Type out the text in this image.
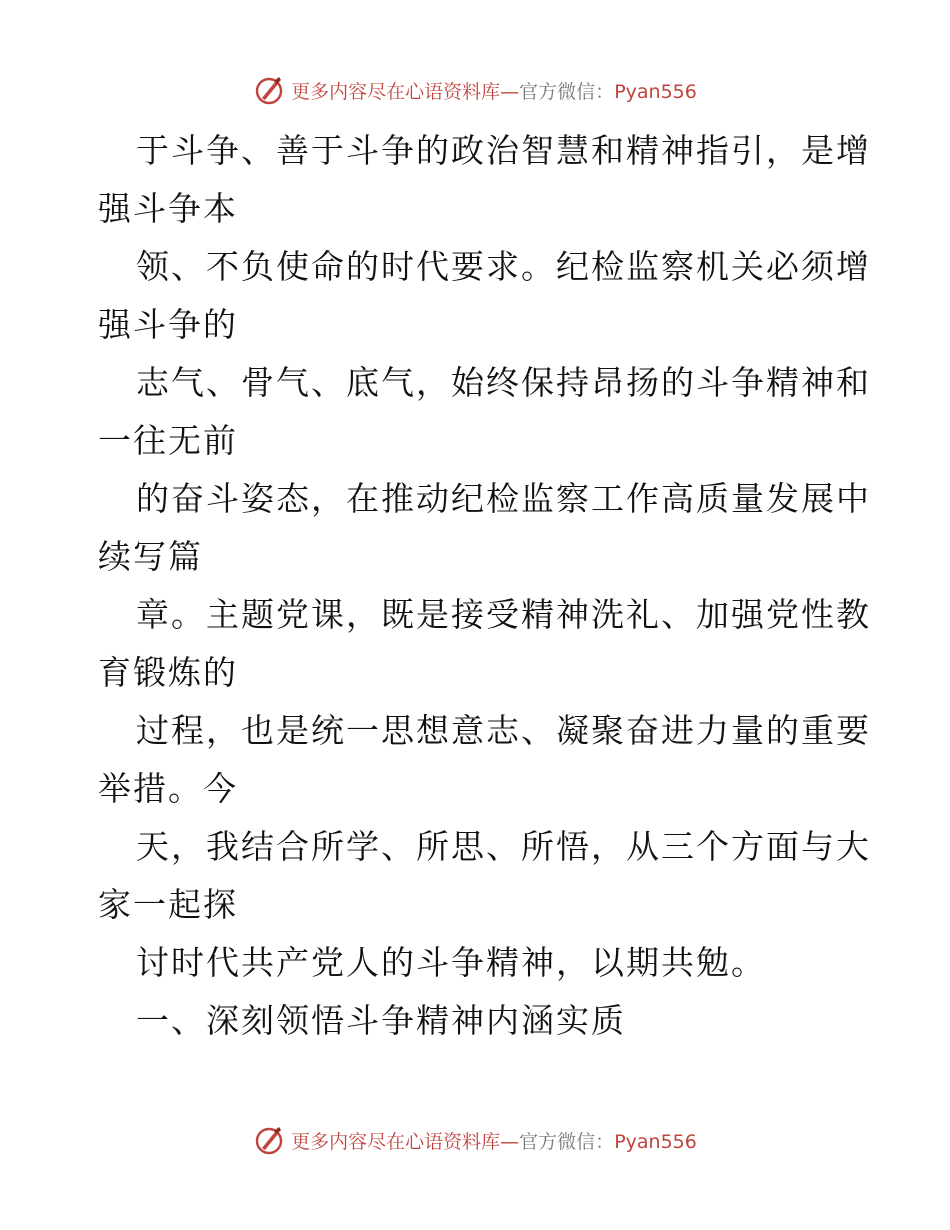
更多内容尽在心语资料库—官方微信：Pyan556
于斗争、善于斗争的政治智慧和精神指引，是增
强斗争本
领、不负使命的时代要求。纪检监察机关必须增
强斗争的
志气、骨气、底气，始终保持昂扬的斗争精神和
一往无前
的奋斗姿态，在推动纪检监察工作高质量发展中
续写篇
章。主题党课，既是接受精神洗礼、加强党性教
育锻炼的
过程，也是统一思想意志、凝聚奋进力量的重要
举措。今
天，我结合所学、所思、所悟，从三个方面与大
家一起探
讨时代共产党人的斗争精神，以期共勉。
一、深刻领悟斗争精神内涵实质
更多内容尽在心语资料库—官方微信：Pyan556
